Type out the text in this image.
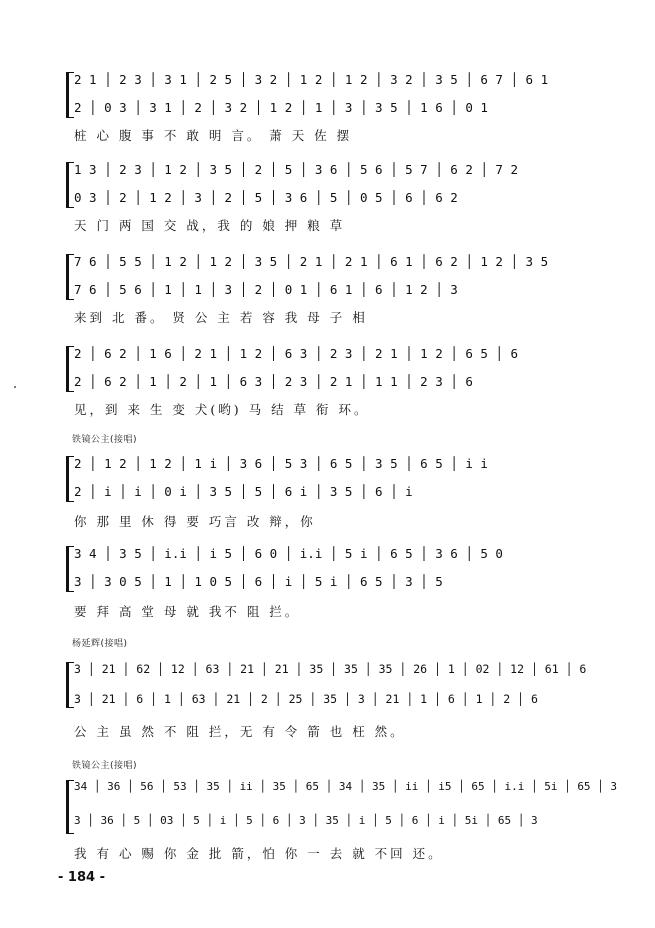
2 1 │ 2 3 │ 3 1 │ 2 5 │ 3 2 │ 1 2 │ 1 2 │ 3 2 │ 3 5 │ 6 7 │ 6 1
2 │ 0 3 │ 3 1 │ 2 │ 3 2 │ 1 2 │ 1 │ 3 │ 3 5 │ 1 6 │ 0 1
桩 心 腹 事 不 敢 明 言。 萧 天 佐 摆
1 3 │ 2 3 │ 1 2 │ 3 5 │ 2 │ 5 │ 3 6 │ 5 6 │ 5 7 │ 6 2 │ 7 2
0 3 │ 2 │ 1 2 │ 3 │ 2 │ 5 │ 3 6 │ 5 │ 0 5 │ 6 │ 6 2
天 门 两 国 交 战，我 的 娘 押 粮 草
7 6 │ 5 5 │ 1 2 │ 1 2 │ 3 5 │ 2 1 │ 2 1 │ 6 1 │ 6 2 │ 1 2 │ 3 5
7 6 │ 5 6 │ 1 │ 1 │ 3 │ 2 │ 0 1 │ 6 1 │ 6 │ 1 2 │ 3
来到 北 番。 贤 公 主 若 容 我 母 子 相
2 │ 6 2 │ 1 6 │ 2 1 │ 1 2 │ 6 3 │ 2 3 │ 2 1 │ 1 2 │ 6 5 │ 6
2 │ 6 2 │ 1 │ 2 │ 1 │ 6 3 │ 2 3 │ 2 1 │ 1 1 │ 2 3 │ 6
见，到 来 生 变 犬(哟) 马 结 草 衔 环。
铁镜公主(接唱)
2 │ 1 2 │ 1 2 │ 1 i │ 3 6 │ 5 3 │ 6 5 │ 3 5 │ 6 5 │ i i
2 │ i │ i │ 0 i │ 3 5 │ 5 │ 6 i │ 3 5 │ 6 │ i
你 那 里 休 得 要 巧言 改 辩，你
3 4 │ 3 5 │ i.i │ i 5 │ 6 0 │ i.i │ 5 i │ 6 5 │ 3 6 │ 5 0
3 │ 3 0 5 │ 1 │ 1 0 5 │ 6 │ i │ 5 i │ 6 5 │ 3 │ 5
要 拜 高 堂 母 就 我不 阻 拦。
杨延辉(接唱)
3 │ 21 │ 62 │ 12 │ 63 │ 21 │ 21 │ 35 │ 35 │ 35 │ 26 │ 1 │ 02 │ 12 │ 61 │ 6
3 │ 21 │ 6 │ 1 │ 63 │ 21 │ 2 │ 25 │ 35 │ 3 │ 21 │ 1 │ 6 │ 1 │ 2 │ 6
公 主 虽 然 不 阻 拦，无 有 令 箭 也 枉 然。
铁镜公主(接唱)
34 │ 36 │ 56 │ 53 │ 35 │ ii │ 35 │ 65 │ 34 │ 35 │ ii │ i5 │ 65 │ i.i │ 5i │ 65 │ 3
3 │ 36 │ 5 │ 03 │ 5 │ i │ 5 │ 6 │ 3 │ 35 │ i │ 5 │ 6 │ i │ 5i │ 65 │ 3
我 有 心 赐 你 金 批 箭，怕 你 一 去 就 不回 还。
- 184 -
